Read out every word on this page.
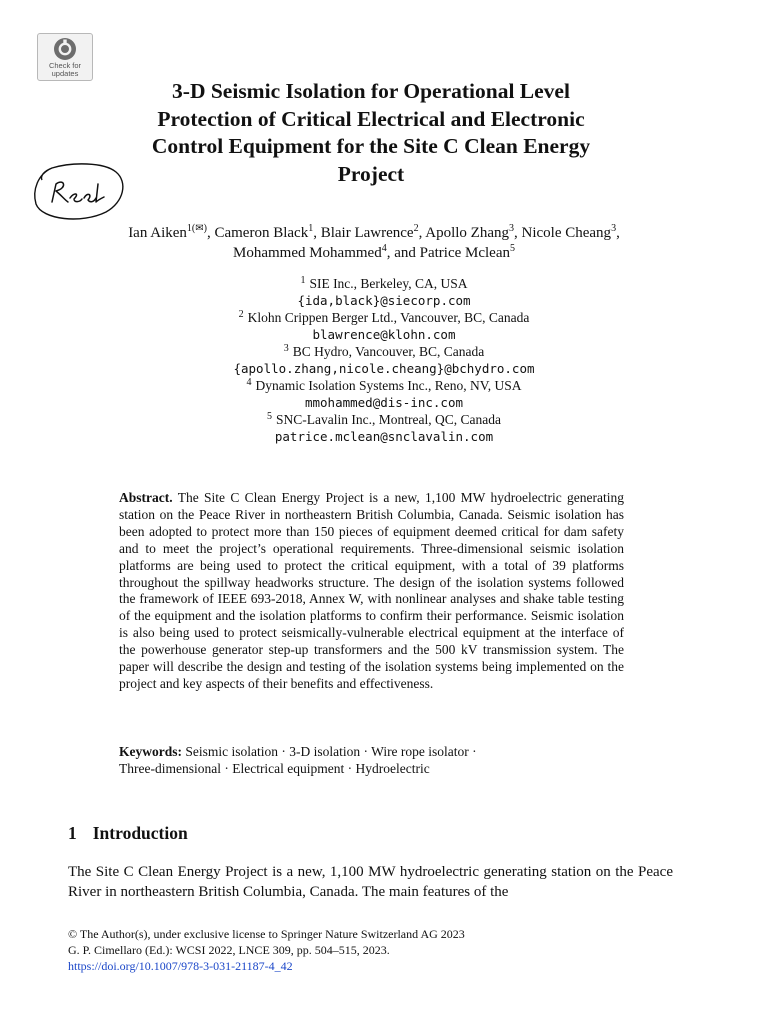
Check for
updates
3-D Seismic Isolation for Operational Level
Protection of Critical Electrical and Electronic
Control Equipment for the Site C Clean Energy
Project
Ian Aiken$^{1(✉)}$, Cameron Black$^1$, Blair Lawrence$^2$, Apollo Zhang$^3$, Nicole Cheang$^3$,
Mohammed Mohammed$^4$, and Patrice Mclean$^5$
$^1$ SIE Inc., Berkeley, CA, USA
{ida,black}@siecorp.com
$^2$ Klohn Crippen Berger Ltd., Vancouver, BC, Canada
blawrence@klohn.com
$^3$ BC Hydro, Vancouver, BC, Canada
{apollo.zhang,nicole.cheang}@bchydro.com
$^4$ Dynamic Isolation Systems Inc., Reno, NV, USA
mmohammed@dis-inc.com
$^5$ SNC-Lavalin Inc., Montreal, QC, Canada
patrice.mclean@snclavalin.com

Abstract. The Site C Clean Energy Project is a new, 1,100 MW hydroelectric generating station on the Peace River in northeastern British Columbia, Canada. Seismic isolation has been adopted to protect more than 150 pieces of equipment deemed critical for dam safety and to meet the project’s operational requirements. Three-dimensional seismic isolation platforms are being used to protect the critical equipment, with a total of 39 platforms throughout the spillway headworks structure. The design of the isolation systems followed the framework of IEEE 693-2018, Annex W, with nonlinear analyses and shake table testing of the equipment and the isolation platforms to confirm their performance. Seismic isolation is also being used to protect seismically-vulnerable electrical equipment at the interface of the powerhouse generator step-up transformers and the 500 kV transmission system. The paper will describe the design and testing of the isolation systems being implemented on the project and key aspects of their benefits and effectiveness.

Keywords: Seismic isolation · 3-D isolation · Wire rope isolator ·
Three-dimensional · Electrical equipment · Hydroelectric
1 Introduction
The Site C Clean Energy Project is a new, 1,100 MW hydroelectric generating station on the Peace River in northeastern British Columbia, Canada. The main features of the
© The Author(s), under exclusive license to Springer Nature Switzerland AG 2023
G. P. Cimellaro (Ed.): WCSI 2022, LNCE 309, pp. 504–515, 2023.
https://doi.org/10.1007/978-3-031-21187-4_42
